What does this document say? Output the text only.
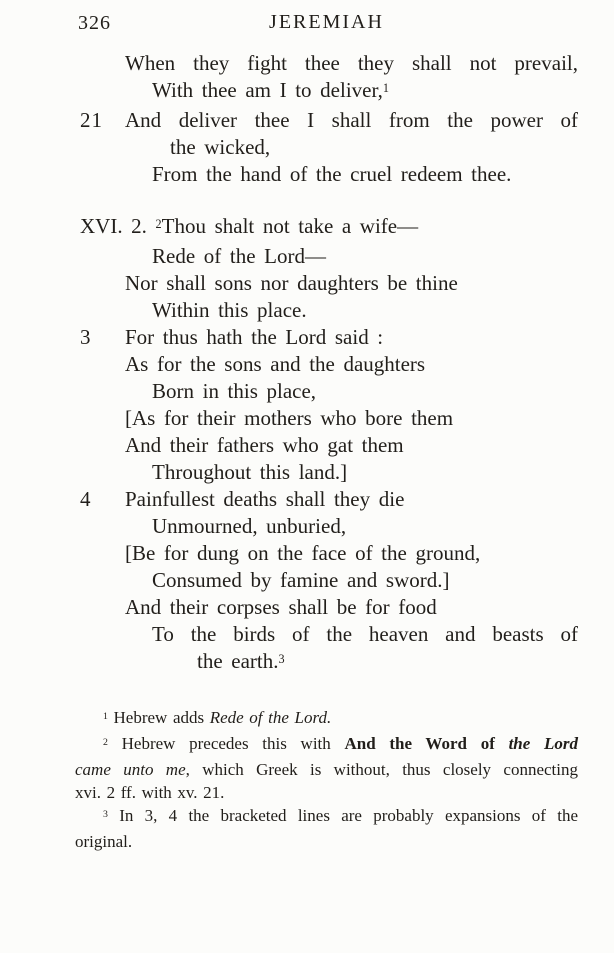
326	JEREMIAH
When they fight thee they shall not prevail,
With thee am I to deliver,$^1$
21 And deliver thee I shall from the power of
the wicked,
From the hand of the cruel redeem thee.
XVI. 2. $^2$Thou shalt not take a wife—
Rede of the Lord—
Nor shall sons nor daughters be thine
Within this place.
3 For thus hath the Lord said :
As for the sons and the daughters
Born in this place,
[As for their mothers who bore them
And their fathers who gat them
Throughout this land.]
4 Painfullest deaths shall they die
Unmourned, unburied,
[Be for dung on the face of the ground,
Consumed by famine and sword.]
And their corpses shall be for food
To the birds of the heaven and beasts of
the earth.$^3$
$^1$ Hebrew adds Rede of the Lord.
$^2$ Hebrew precedes this with And the Word of the Lord
came unto me, which Greek is without, thus closely connecting
xvi. 2 ff. with xv. 21.
$^3$ In 3, 4 the bracketed lines are probably expansions of the
original.
